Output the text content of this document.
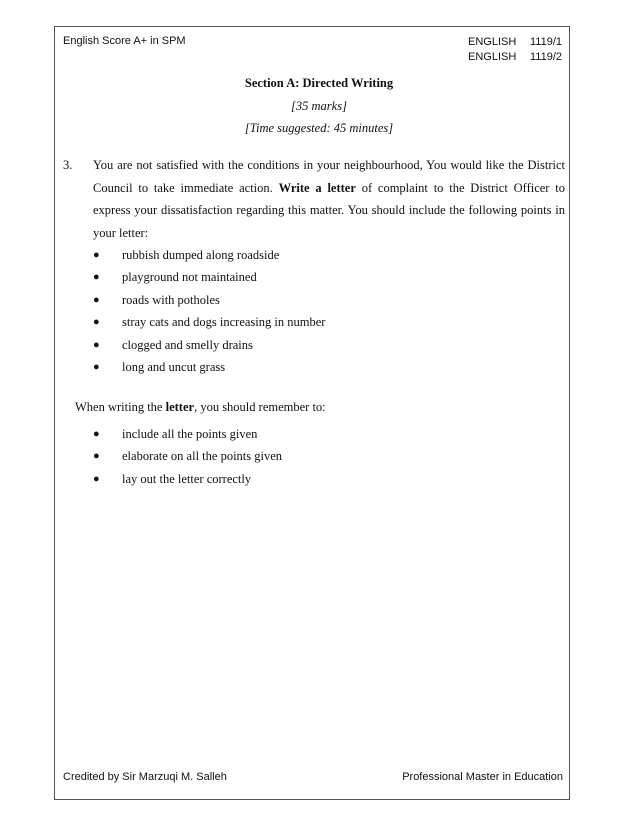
English Score A+ in SPM	ENGLISH	1119/1
ENGLISH	1119/2
Section A: Directed Writing
[35 marks]
[Time suggested: 45 minutes]
3. You are not satisfied with the conditions in your neighbourhood, You would like the District Council to take immediate action. Write a letter of complaint to the District Officer to express your dissatisfaction regarding this matter. You should include the following points in your letter:
● rubbish dumped along roadside
● playground not maintained
● roads with potholes
● stray cats and dogs increasing in number
● clogged and smelly drains
● long and uncut grass
When writing the letter, you should remember to:
● include all the points given
● elaborate on all the points given
● lay out the letter correctly
Credited by Sir Marzuqi M. Salleh	Professional Master in Education
